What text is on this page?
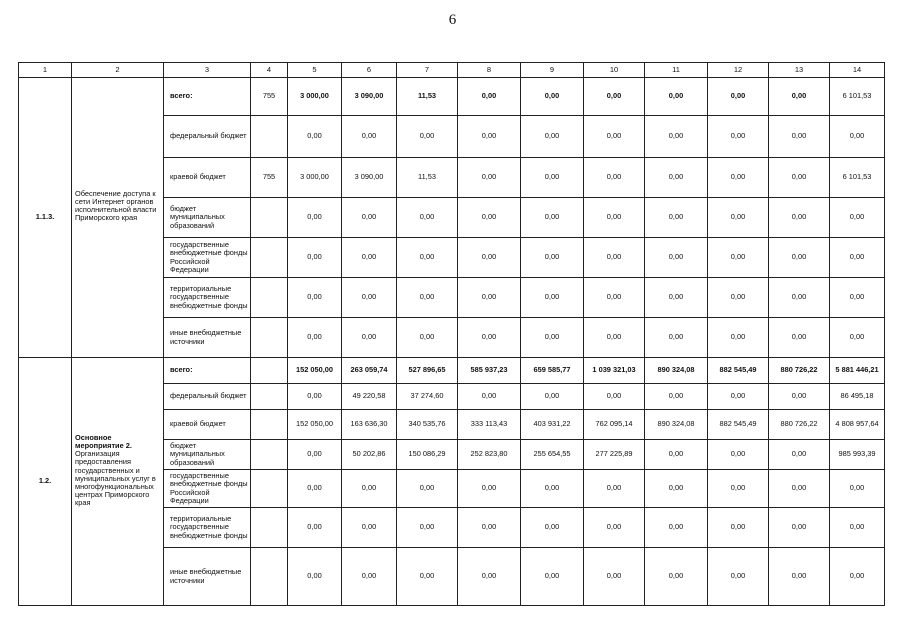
6
1	2	3	4	5	6	7	8	9	10	11	12	13	14
1.1.3.	Обеспечение доступа к сети Интернет органов исполнительной власти Приморского края	всего:	755	3 000,00	3 090,00	11,53	0,00	0,00	0,00	0,00	0,00	0,00	6 101,53
		федеральный бюджет		0,00	0,00	0,00	0,00	0,00	0,00	0,00	0,00	0,00	0,00
		краевой бюджет	755	3 000,00	3 090,00	11,53	0,00	0,00	0,00	0,00	0,00	0,00	6 101,53
		бюджет муниципальных образований		0,00	0,00	0,00	0,00	0,00	0,00	0,00	0,00	0,00	0,00
		государственные внебюджетные фонды Российской Федерации		0,00	0,00	0,00	0,00	0,00	0,00	0,00	0,00	0,00	0,00
		территориальные государственные внебюджетные фонды		0,00	0,00	0,00	0,00	0,00	0,00	0,00	0,00	0,00	0,00
		иные внебюджетные источники		0,00	0,00	0,00	0,00	0,00	0,00	0,00	0,00	0,00	0,00
1.2.	Основное мероприятие 2.
Организация предоставления государственных и муниципальных услуг в многофункциональных центрах Приморского края	всего:		152 050,00	263 059,74	527 896,65	585 937,23	659 585,77	1 039 321,03	890 324,08	882 545,49	880 726,22	5 881 446,21
		федеральный бюджет		0,00	49 220,58	37 274,60	0,00	0,00	0,00	0,00	0,00	0,00	86 495,18
		краевой бюджет		152 050,00	163 636,30	340 535,76	333 113,43	403 931,22	762 095,14	890 324,08	882 545,49	880 726,22	4 808 957,64
		бюджет муниципальных образований		0,00	50 202,86	150 086,29	252 823,80	255 654,55	277 225,89	0,00	0,00	0,00	985 993,39
		государственные внебюджетные фонды Российской Федерации		0,00	0,00	0,00	0,00	0,00	0,00	0,00	0,00	0,00	0,00
		территориальные государственные внебюджетные фонды		0,00	0,00	0,00	0,00	0,00	0,00	0,00	0,00	0,00	0,00
		иные внебюджетные источники		0,00	0,00	0,00	0,00	0,00	0,00	0,00	0,00	0,00	0,00
